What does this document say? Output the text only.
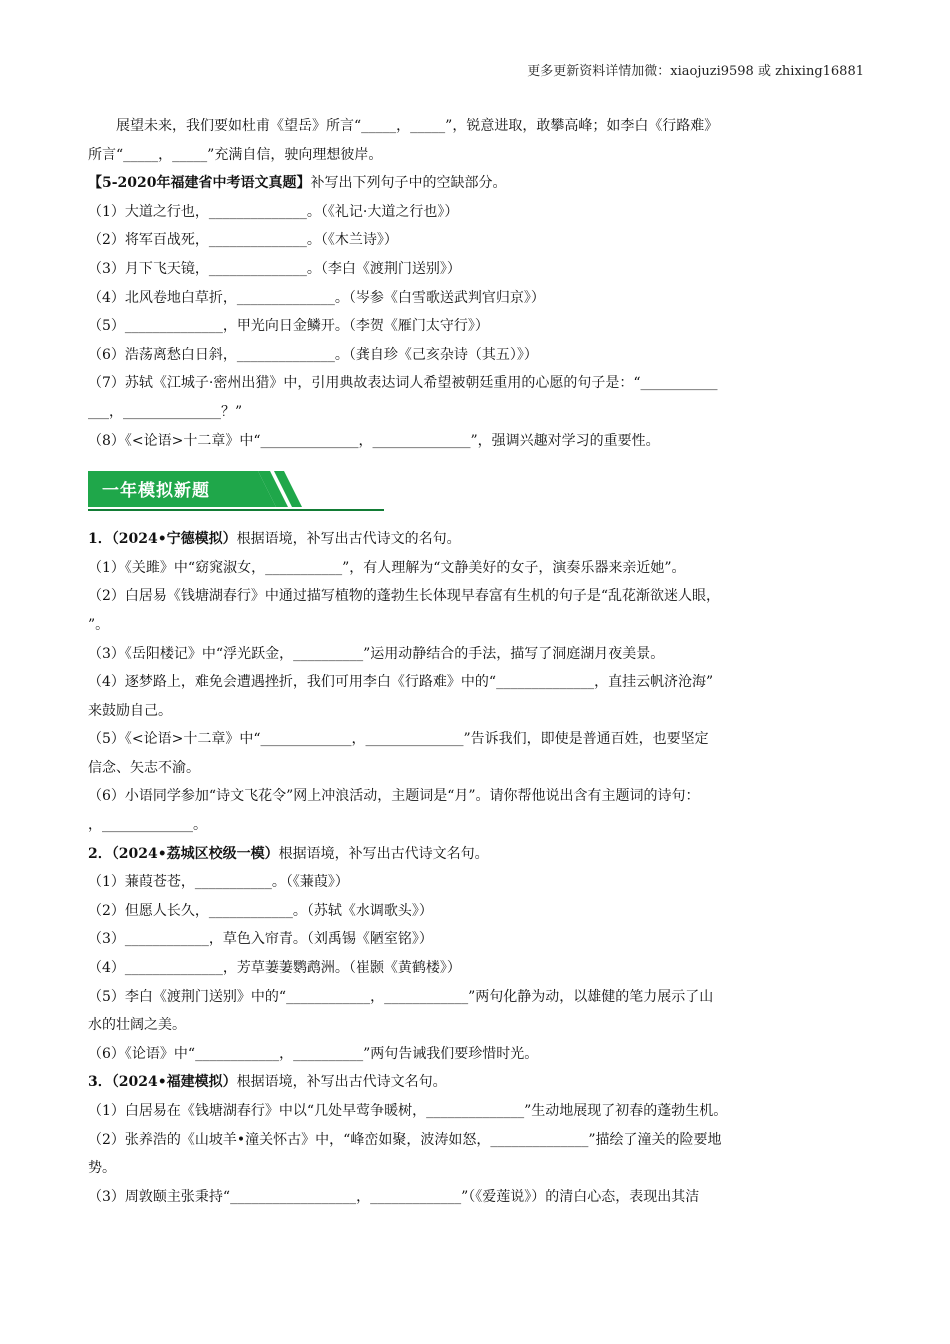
更多更新资料详情加微：xiaojuzi9598 或 zhixing16881
展望未来，我们要如杜甫《望岳》所言“_____，_____”，锐意进取，敢攀高峰；如李白《行路难》
所言“_____，_____”充满自信，驶向理想彼岸。
【5-2020年福建省中考语文真题】补写出下列句子中的空缺部分。
（1）大道之行也，______________。（《礼记·大道之行也》）
（2）将军百战死，______________。（《木兰诗》）
（3）月下飞天镜，______________。（李白《渡荆门送别》）
（4）北风卷地白草折，______________。（岑参《白雪歌送武判官归京》）
（5）______________，甲光向日金鳞开。（李贺《雁门太守行》）
（6）浩荡离愁白日斜，______________。（龚自珍《己亥杂诗（其五）》）
（7）苏轼《江城子·密州出猎》中，引用典故表达词人希望被朝廷重用的心愿的句子是：“___________
___，______________？”
（8）《<论语>十二章》中“______________，______________”，强调兴趣对学习的重要性。
一年模拟新题
1．（2024•宁德模拟）根据语境，补写出古代诗文的名句。
（1）《关雎》中“窈窕淑女，___________”，有人理解为“文静美好的女子，演奏乐器来亲近她”。
（2）白居易《钱塘湖春行》中通过描写植物的蓬勃生长体现早春富有生机的句子是“乱花渐欲迷人眼，
”。
（3）《岳阳楼记》中“浮光跃金，__________”运用动静结合的手法，描写了洞庭湖月夜美景。
（4）逐梦路上，难免会遭遇挫折，我们可用李白《行路难》中的“______________，直挂云帆济沧海”
来鼓励自己。
（5）《<论语>十二章》中“_____________，______________”告诉我们，即使是普通百姓，也要坚定
信念、矢志不渝。
（6）小语同学参加“诗文飞花令”网上冲浪活动，主题词是“月”。请你帮他说出含有主题词的诗句：
，_____________。
2．（2024•荔城区校级一模）根据语境，补写出古代诗文名句。
（1）蒹葭苍苍，___________。（《蒹葭》）
（2）但愿人长久，____________。（苏轼《水调歌头》）
（3）____________，草色入帘青。（刘禹锡《陋室铭》）
（4）______________，芳草萋萋鹦鹉洲。（崔颢《黄鹤楼》）
（5）李白《渡荆门送别》中的“____________，____________”两句化静为动，以雄健的笔力展示了山
水的壮阔之美。
（6）《论语》中“____________，__________”两句告诫我们要珍惜时光。
3．（2024•福建模拟）根据语境，补写出古代诗文名句。
（1）白居易在《钱塘湖春行》中以“几处早莺争暖树，______________”生动地展现了初春的蓬勃生机。
（2）张养浩的《山坡羊•潼关怀古》中，“峰峦如聚，波涛如怒，______________”描绘了潼关的险要地
势。
（3）周敦颐主张秉持“__________________，_____________”（《爱莲说》）的清白心态，表现出其洁
